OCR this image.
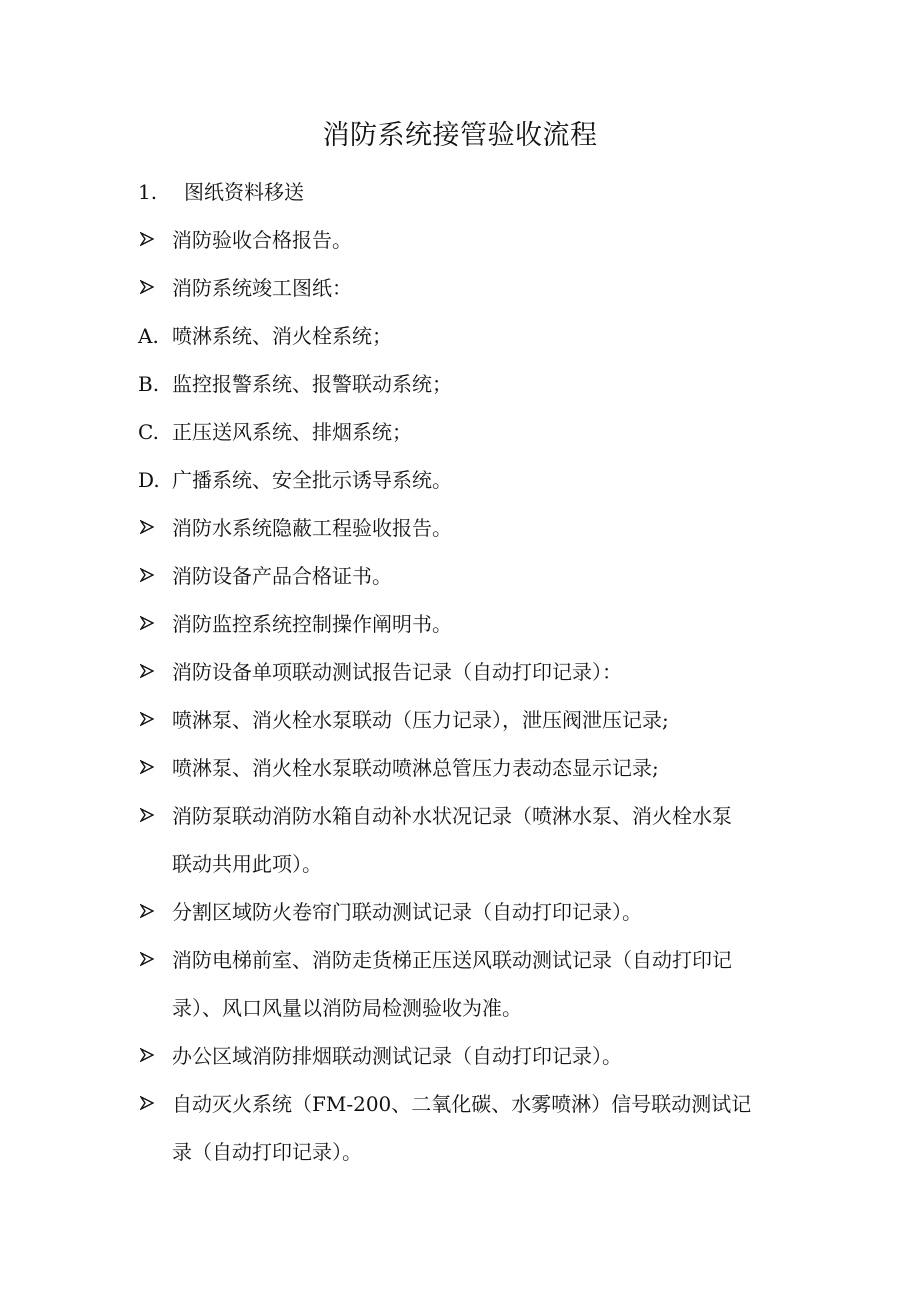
消防系统接管验收流程
1.	图纸资料移送
消防验收合格报告。
消防系统竣工图纸：
A. 喷淋系统、消火栓系统；
B. 监控报警系统、报警联动系统；
C. 正压送风系统、排烟系统；
D. 广播系统、安全批示诱导系统。
消防水系统隐蔽工程验收报告。
消防设备产品合格证书。
消防监控系统控制操作阐明书。
消防设备单项联动测试报告记录（自动打印记录）：
喷淋泵、消火栓水泵联动（压力记录），泄压阀泄压记录;
喷淋泵、消火栓水泵联动喷淋总管压力表动态显示记录;
消防泵联动消防水箱自动补水状况记录（喷淋水泵、消火栓水泵
联动共用此项）。
分割区域防火卷帘门联动测试记录（自动打印记录）。
消防电梯前室、消防走货梯正压送风联动测试记录（自动打印记
录）、风口风量以消防局检测验收为准。
办公区域消防排烟联动测试记录（自动打印记录）。
自动灭火系统（FM-200、二氧化碳、水雾喷淋）信号联动测试记
录（自动打印记录）。
